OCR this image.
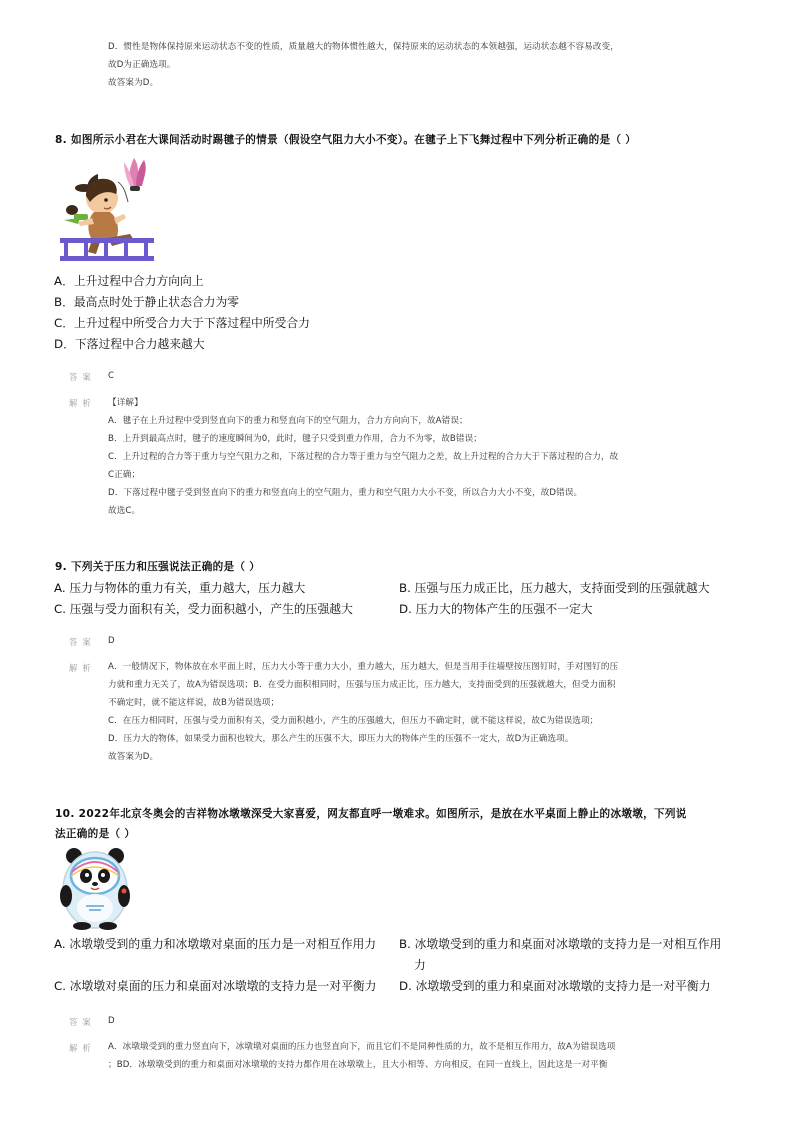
D．惯性是物体保持原来运动状态不变的性质，质量越大的物体惯性越大，保持原来的运动状态的本领越强，运动状态越不容易改变，
故D为正确选项。
故答案为D。
8. 如图所示小君在大课间活动时踢毽子的情景（假设空气阻力大小不变）。在毽子上下飞舞过程中下列分析正确的是（ ）
A．上升过程中合力方向向上
B．最高点时处于静止状态合力为零
C．上升过程中所受合力大于下落过程中所受合力
D．下落过程中合力越来越大
答案 C
解析 【详解】
A．毽子在上升过程中受到竖直向下的重力和竖直向下的空气阻力，合力方向向下，故A错误；
B．上升到最高点时，毽子的速度瞬间为0，此时，毽子只受到重力作用，合力不为零，故B错误；
C．上升过程的合力等于重力与空气阻力之和，下落过程的合力等于重力与空气阻力之差，故上升过程的合力大于下落过程的合力，故
C正确；
D．下落过程中毽子受到竖直向下的重力和竖直向上的空气阻力，重力和空气阻力大小不变，所以合力大小不变，故D错误。
故选C。
9. 下列关于压力和压强说法正确的是（ ）
A. 压力与物体的重力有关，重力越大，压力越大	B. 压强与压力成正比，压力越大，支持面受到的压强就越大
C. 压强与受力面积有关，受力面积越小，产生的压强越大	D. 压力大的物体产生的压强不一定大
答案 D
解析 A．一般情况下，物体放在水平面上时，压力大小等于重力大小，重力越大，压力越大，但是当用手往墙壁按压图钉时，手对图钉的压
力就和重力无关了，故A为错误选项；B．在受力面积相同时，压强与压力成正比，压力越大，支持面受到的压强就越大，但受力面积
不确定时，就不能这样说，故B为错误选项；
C．在压力相同时，压强与受力面积有关，受力面积越小，产生的压强越大，但压力不确定时，就不能这样说，故C为错误选项；
D．压力大的物体，如果受力面积也较大，那么产生的压强不大，即压力大的物体产生的压强不一定大，故D为正确选项。
故答案为D。
10. 2022年北京冬奥会的吉祥物冰墩墩深受大家喜爱，网友都直呼一墩难求。如图所示，是放在水平桌面上静止的冰墩墩，下列说
法正确的是（ ）
A. 冰墩墩受到的重力和冰墩墩对桌面的压力是一对相互作用力 B. 冰墩墩受到的重力和桌面对冰墩墩的支持力是一对相互作用
力
C. 冰墩墩对桌面的压力和桌面对冰墩墩的支持力是一对平衡力 D. 冰墩墩受到的重力和桌面对冰墩墩的支持力是一对平衡力
答案 D
解析 A．冰墩墩受到的重力竖直向下，冰墩墩对桌面的压力也竖直向下，而且它们不是同种性质的力，故不是相互作用力，故A为错误选项
；BD．冰墩墩受到的重力和桌面对冰墩墩的支持力都作用在冰墩墩上，且大小相等、方向相反，在同一直线上，因此这是一对平衡
